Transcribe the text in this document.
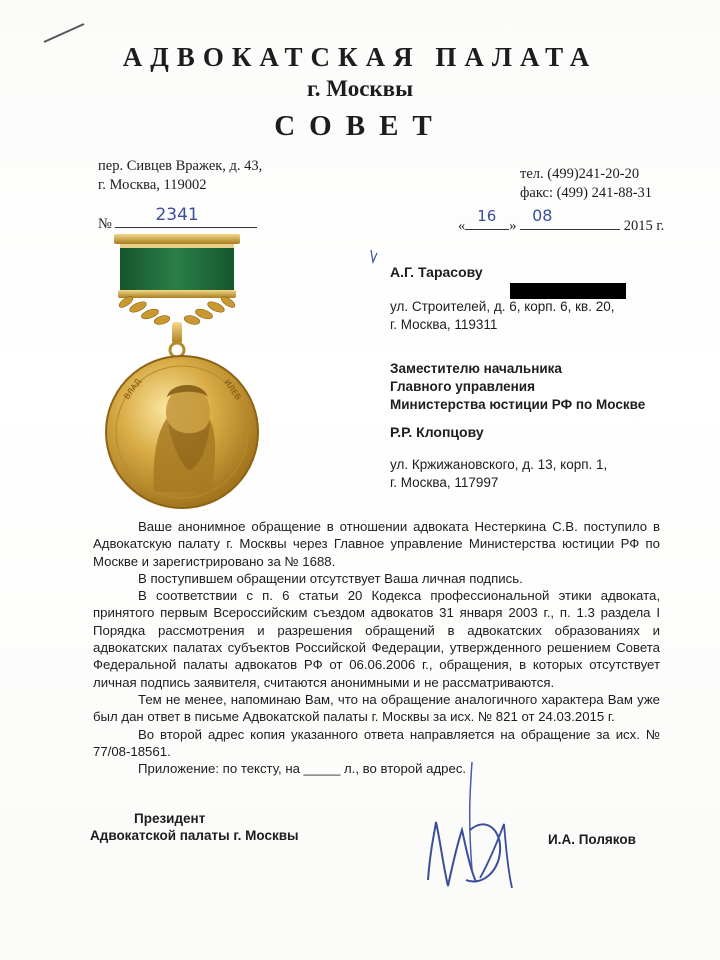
АДВОКАТСКАЯ ПАЛАТА
г. Москвы
СОВЕТ
пер. Сивцев Вражек, д. 43,
г. Москва, 119002
тел. (499)241-20-20
факс: (499) 241-88-31
№	2341
«
16
»
08
2015 г.
А.Г. Тарасову
ул. Строителей, д. 6, корп. 6, кв. 20,
г. Москва, 119311
Заместителю начальника
Главного управления
Министерства юстиции РФ по Москве
Р.Р. Клопцову
ул. Кржижановского, д. 13, корп. 1,
г. Москва, 117997

Ваше анонимное обращение в отношении адвоката Нестеркина С.В. поступило в Адвокатскую палату г. Москвы через Главное управление Министерства юстиции РФ по Москве и зарегистрировано за № 1688.

В поступившем обращении отсутствует Ваша личная подпись.

В соответствии с п. 6 статьи 20 Кодекса профессиональной этики адвоката, принятого первым Всероссийским съездом адвокатов 31 января 2003 г., п. 1.3 раздела I Порядка рассмотрения и разрешения обращений в адвокатских образованиях и адвокатских палатах субъектов Российской Федерации, утвержденного решением Совета Федеральной палаты адвокатов РФ от 06.06.2006 г., обращения, в которых отсутствует личная подпись заявителя, считаются анонимными и не рассматриваются.

Тем не менее, напоминаю Вам, что на обращение аналогичного характера Вам уже был дан ответ в письме Адвокатской палаты г. Москвы за исх. № 821 от 24.03.2015 г.

Во второй адрес копия указанного ответа направляется на обращение за исх. № 77/08-18561.

Приложение: по тексту, на _____ л., во второй адрес.

ВЛАД	ИЛЕВ
Президент
Адвокатской палаты г. Москвы	И.А. Поляков
